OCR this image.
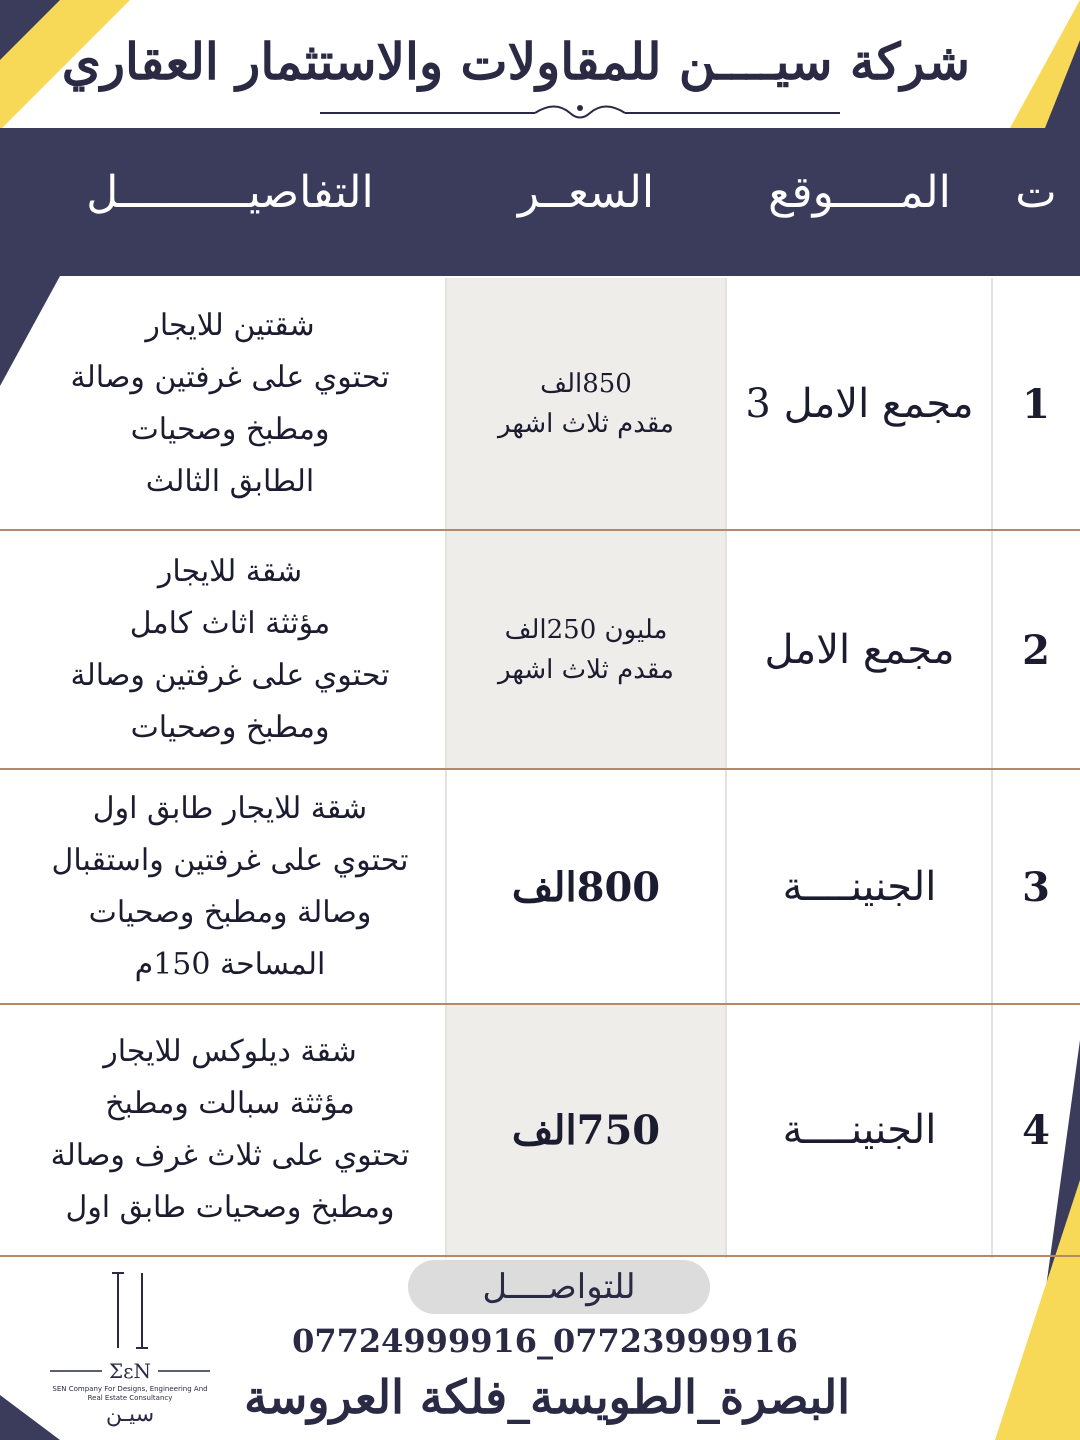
شركة سيــــن للمقاولات والاستثمار العقاري
ت
المـــــوقع
السعــر
التفاصيــــــــــل
1
مجمع الامل 3
850الف
مقدم ثلاث اشهر
شقتين للايجار
تحتوي على غرفتين وصالة
ومطبخ وصحيات
الطابق الثالث
2
مجمع الامل
مليون 250الف
مقدم ثلاث اشهر
شقة للايجار
مؤثثة اثاث كامل
تحتوي على غرفتين وصالة
ومطبخ وصحيات
3
الجنينــــة
800الف
شقة للايجار طابق اول
تحتوي على غرفتين واستقبال
وصالة ومطبخ وصحيات
المساحة 150م
4
الجنينــــة
750الف
شقة ديلوكس للايجار
مؤثثة سبالت ومطبخ
تحتوي على ثلاث غرف وصالة
ومطبخ وصحيات طابق اول
للتواصــــل
07724999916_07723999916
البصرة_الطويسة_فلكة العروسة
ΣεN
SEN Company For Designs, Engineering And Real Estate Consultancy
سيـن
